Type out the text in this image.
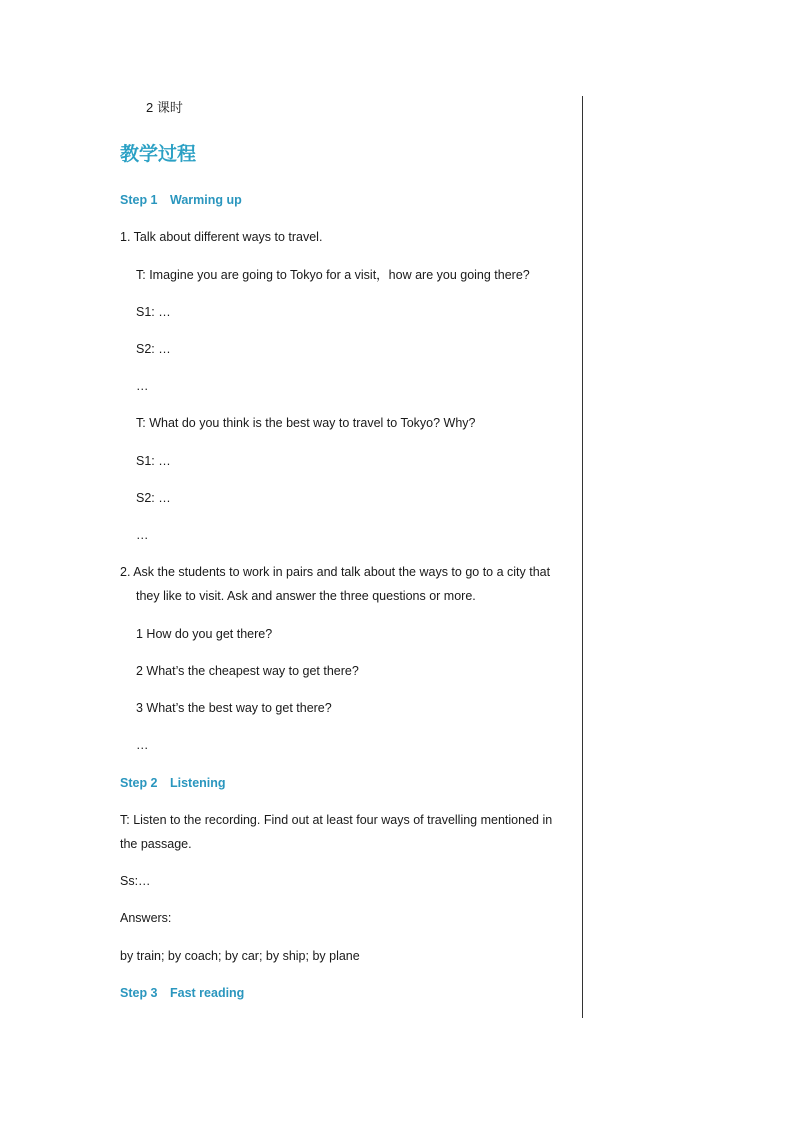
2 课时
教学过程
Step 1 Warming up
1. Talk about different ways to travel.
T: Imagine you are going to Tokyo for a visit，how are you going there?
S1: …
S2: …
…
T: What do you think is the best way to travel to Tokyo? Why?
S1: …
S2: …
…
2. Ask the students to work in pairs and talk about the ways to go to a city that
they like to visit. Ask and answer the three questions or more.
1 How do you get there?
2 What’s the cheapest way to get there?
3 What’s the best way to get there?
…
Step 2 Listening
T: Listen to the recording. Find out at least four ways of travelling mentioned in
the passage.
Ss:…
Answers:
by train; by coach; by car; by ship; by plane
Step 3 Fast reading
